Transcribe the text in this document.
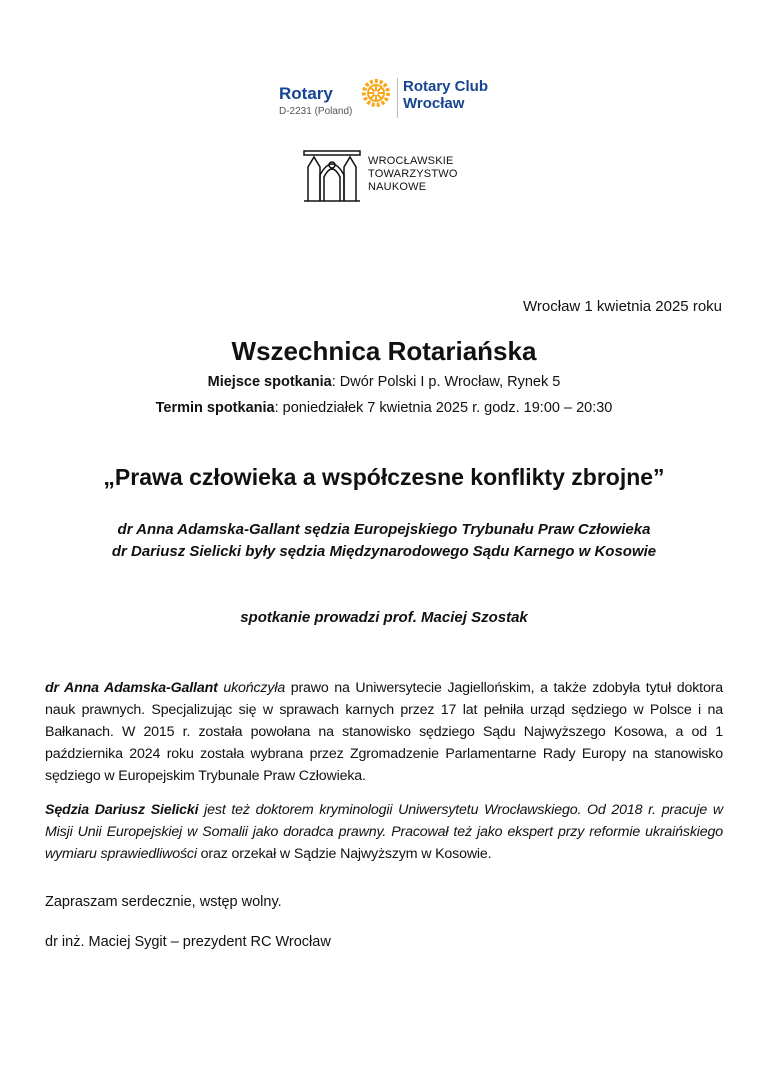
Rotary
D-2231 (Poland)
Rotary Club
Wrocław
WROCŁAWSKIE
TOWARZYSTWO
NAUKOWE
Wrocław 1 kwietnia 2025 roku
Wszechnica Rotariańska
Miejsce spotkania: Dwór Polski I p. Wrocław, Rynek 5
Termin spotkania: poniedziałek 7 kwietnia 2025 r. godz. 19:00 – 20:30
„Prawa człowieka a współczesne konflikty zbrojne”
dr Anna Adamska-Gallant sędzia Europejskiego Trybunału Praw Człowieka
dr Dariusz Sielicki były sędzia Międzynarodowego Sądu Karnego w Kosowie
spotkanie prowadzi prof. Maciej Szostak
dr Anna Adamska-Gallant ukończyła prawo na Uniwersytecie Jagiellońskim, a także zdobyła tytuł doktora nauk prawnych. Specjalizując się w sprawach karnych przez 17 lat pełniła urząd sędziego w Polsce i na Bałkanach. W 2015 r. została powołana na stanowisko sędziego Sądu Najwyższego Kosowa, a od 1 października 2024 roku została wybrana przez Zgromadzenie Parlamentarne Rady Europy na stanowisko sędziego w Europejskim Trybunale Praw Człowieka.
Sędzia Dariusz Sielicki jest też doktorem kryminologii Uniwersytetu Wrocławskiego. Od 2018 r. pracuje w Misji Unii Europejskiej w Somalii jako doradca prawny. Pracował też jako ekspert przy reformie ukraińskiego wymiaru sprawiedliwości oraz orzekał w Sądzie Najwyższym w Kosowie.
Zapraszam serdecznie, wstęp wolny.
dr inż. Maciej Sygit – prezydent RC Wrocław
